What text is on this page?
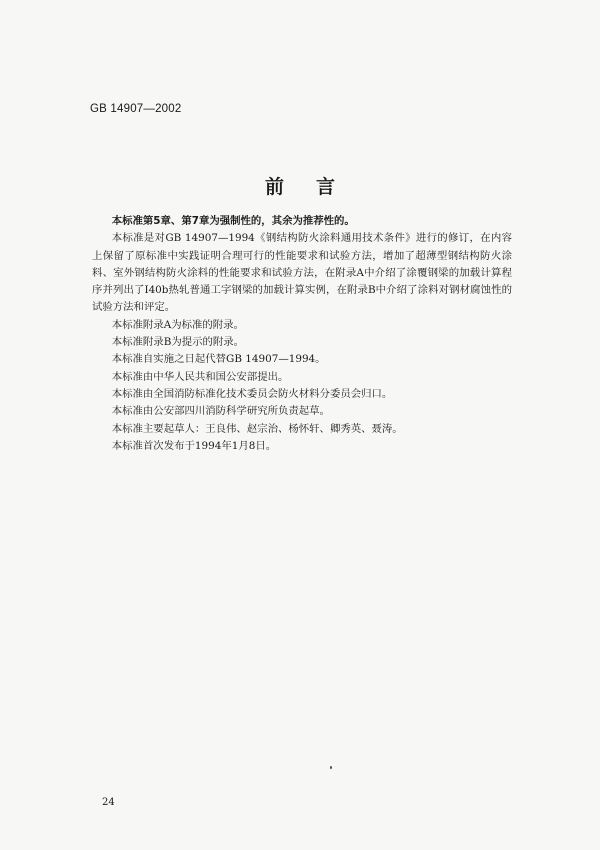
GB 14907—2002
前言

本标准第5章、第7章为强制性的，其余为推荐性的。

本标准是对GB 14907—1994《钢结构防火涂料通用技术条件》进行的修订，在内容上保留了原标准中实践证明合理可行的性能要求和试验方法，增加了超薄型钢结构防火涂料、室外钢结构防火涂料的性能要求和试验方法，在附录A中介绍了涂覆钢梁的加载计算程序并列出了I40b热轧普通工字钢梁的加载计算实例，在附录B中介绍了涂料对钢材腐蚀性的试验方法和评定。

本标准附录A为标准的附录。

本标准附录B为提示的附录。

本标准自实施之日起代替GB 14907—1994。

本标准由中华人民共和国公安部提出。

本标准由全国消防标准化技术委员会防火材料分委员会归口。

本标准由公安部四川消防科学研究所负责起草。

本标准主要起草人：王良伟、赵宗治、杨怀轩、卿秀英、聂涛。

本标准首次发布于1994年1月8日。

24
